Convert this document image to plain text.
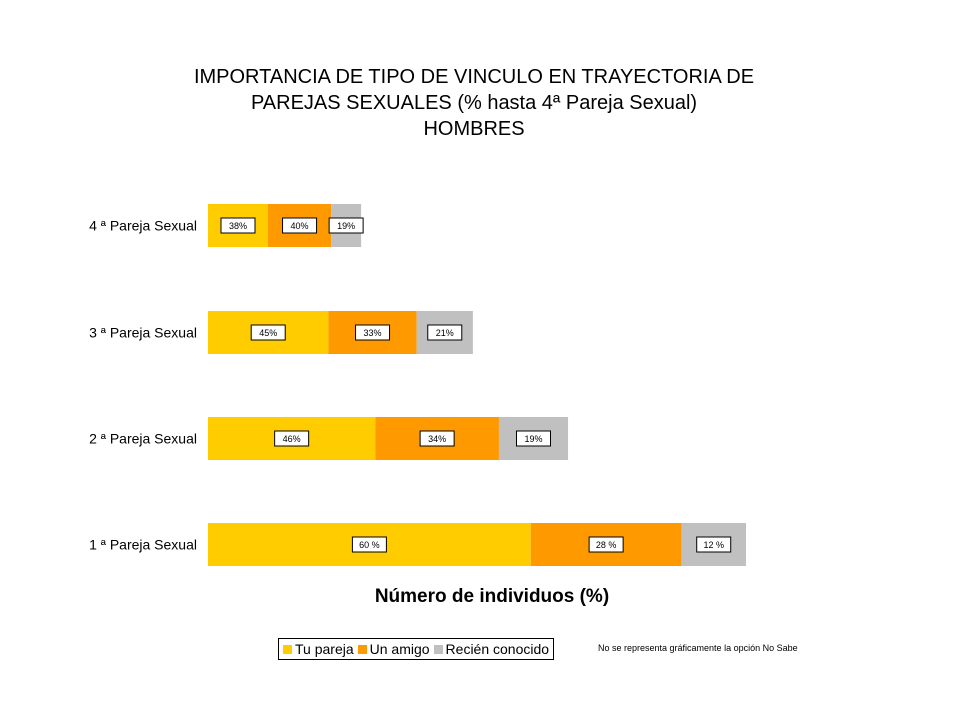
IMPORTANCIA DE TIPO DE VINCULO EN TRAYECTORIA DE
PAREJAS SEXUALES (% hasta 4ª Pareja Sexual)
HOMBRES
4 ª Pareja Sexual	38%	40%	19%
3 ª Pareja Sexual	45%	33%	21%
2 ª Pareja Sexual	46%	34%	19%
1 ª Pareja Sexual	60 %	28 %	12 %
Número de individuos (%)
Tu pareja Un amigo Recién conocido	No se representa gráficamente la opción No Sabe
